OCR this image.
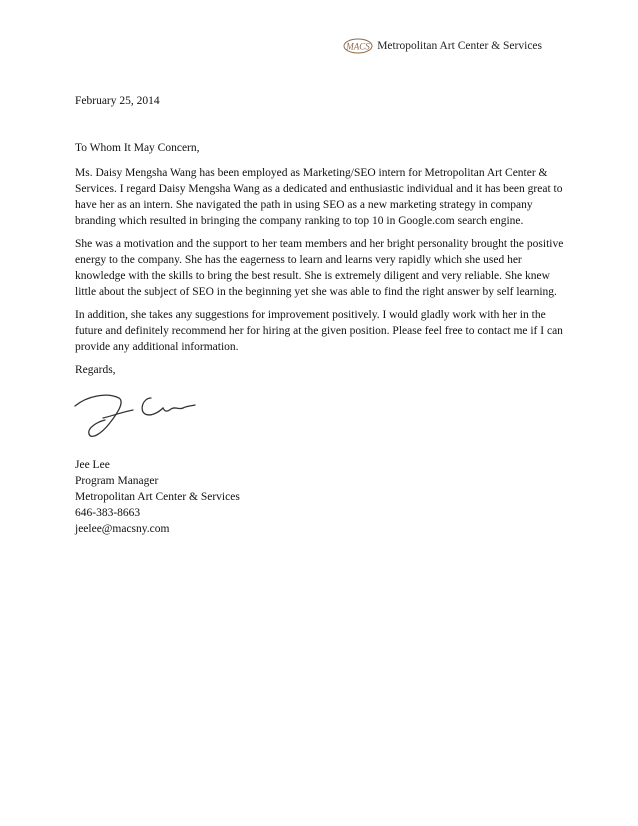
MACS Metropolitan Art Center & Services

February 25, 2014

To Whom It May Concern,

Ms. Daisy Mengsha Wang has been employed as Marketing/SEO intern for Metropolitan Art Center & Services. I regard Daisy Mengsha Wang as a dedicated and enthusiastic individual and it has been great to have her as an intern. She navigated the path in using SEO as a new marketing strategy in company branding which resulted in bringing the company ranking to top 10 in Google.com search engine.

She was a motivation and the support to her team members and her bright personality brought the positive energy to the company. She has the eagerness to learn and learns very rapidly which she used her knowledge with the skills to bring the best result. She is extremely diligent and very reliable. She knew little about the subject of SEO in the beginning yet she was able to find the right answer by self learning.

In addition, she takes any suggestions for improvement positively. I would gladly work with her in the future and definitely recommend her for hiring at the given position. Please feel free to contact me if I can provide any additional information.

Regards,

Jee Lee
Program Manager
Metropolitan Art Center & Services
646-383-8663
jeelee@macsny.com
